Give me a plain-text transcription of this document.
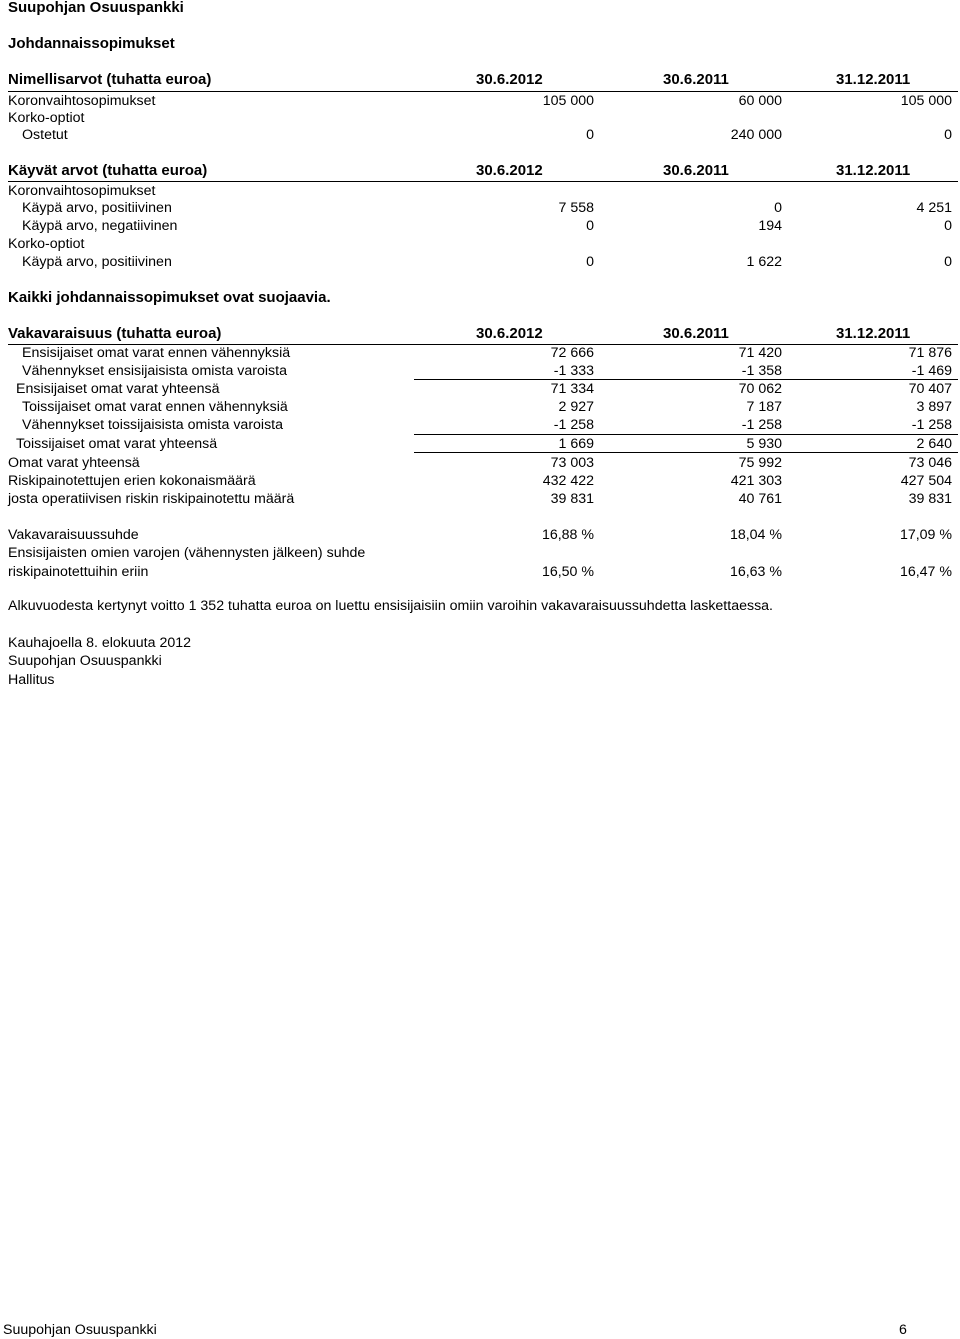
Suupohjan Osuuspankki
Johdannaissopimukset
Nimellisarvot (tuhatta euroa)	30.6.2012	30.6.2011	31.12.2011
Koronvaihtosopimukset	105 000	60 000	105 000
Korko-optiot
Ostetut	0	240 000	0
Käyvät arvot (tuhatta euroa)	30.6.2012	30.6.2011	31.12.2011
Koronvaihtosopimukset
Käypä arvo, positiivinen	7 558	0	4 251
Käypä arvo, negatiivinen	0	194	0
Korko-optiot
Käypä arvo, positiivinen	0	1 622	0
Kaikki johdannaissopimukset ovat suojaavia.
Vakavaraisuus (tuhatta euroa)	30.6.2012	30.6.2011	31.12.2011
Ensisijaiset omat varat ennen vähennyksiä	72 666	71 420	71 876
Vähennykset ensisijaisista omista varoista	-1 333	-1 358	-1 469
Ensisijaiset omat varat yhteensä	71 334	70 062	70 407
Toissijaiset omat varat ennen vähennyksiä	2 927	7 187	3 897
Vähennykset toissijaisista omista varoista	-1 258	-1 258	-1 258
Toissijaiset omat varat yhteensä	1 669	5 930	2 640
Omat varat yhteensä	73 003	75 992	73 046
Riskipainotettujen erien kokonaismäärä	432 422	421 303	427 504
josta operatiivisen riskin riskipainotettu määrä	39 831	40 761	39 831
Vakavaraisuussuhde	16,88 %	18,04 %	17,09 %
Ensisijaisten omien varojen (vähennysten jälkeen) suhde
riskipainotettuihin eriin	16,50 %	16,63 %	16,47 %
Alkuvuodesta kertynyt voitto 1 352 tuhatta euroa on luettu ensisijaisiin omiin varoihin vakavaraisuussuhdetta laskettaessa.
Kauhajoella 8. elokuuta 2012
Suupohjan Osuuspankki
Hallitus
Suupohjan Osuuspankki	6
